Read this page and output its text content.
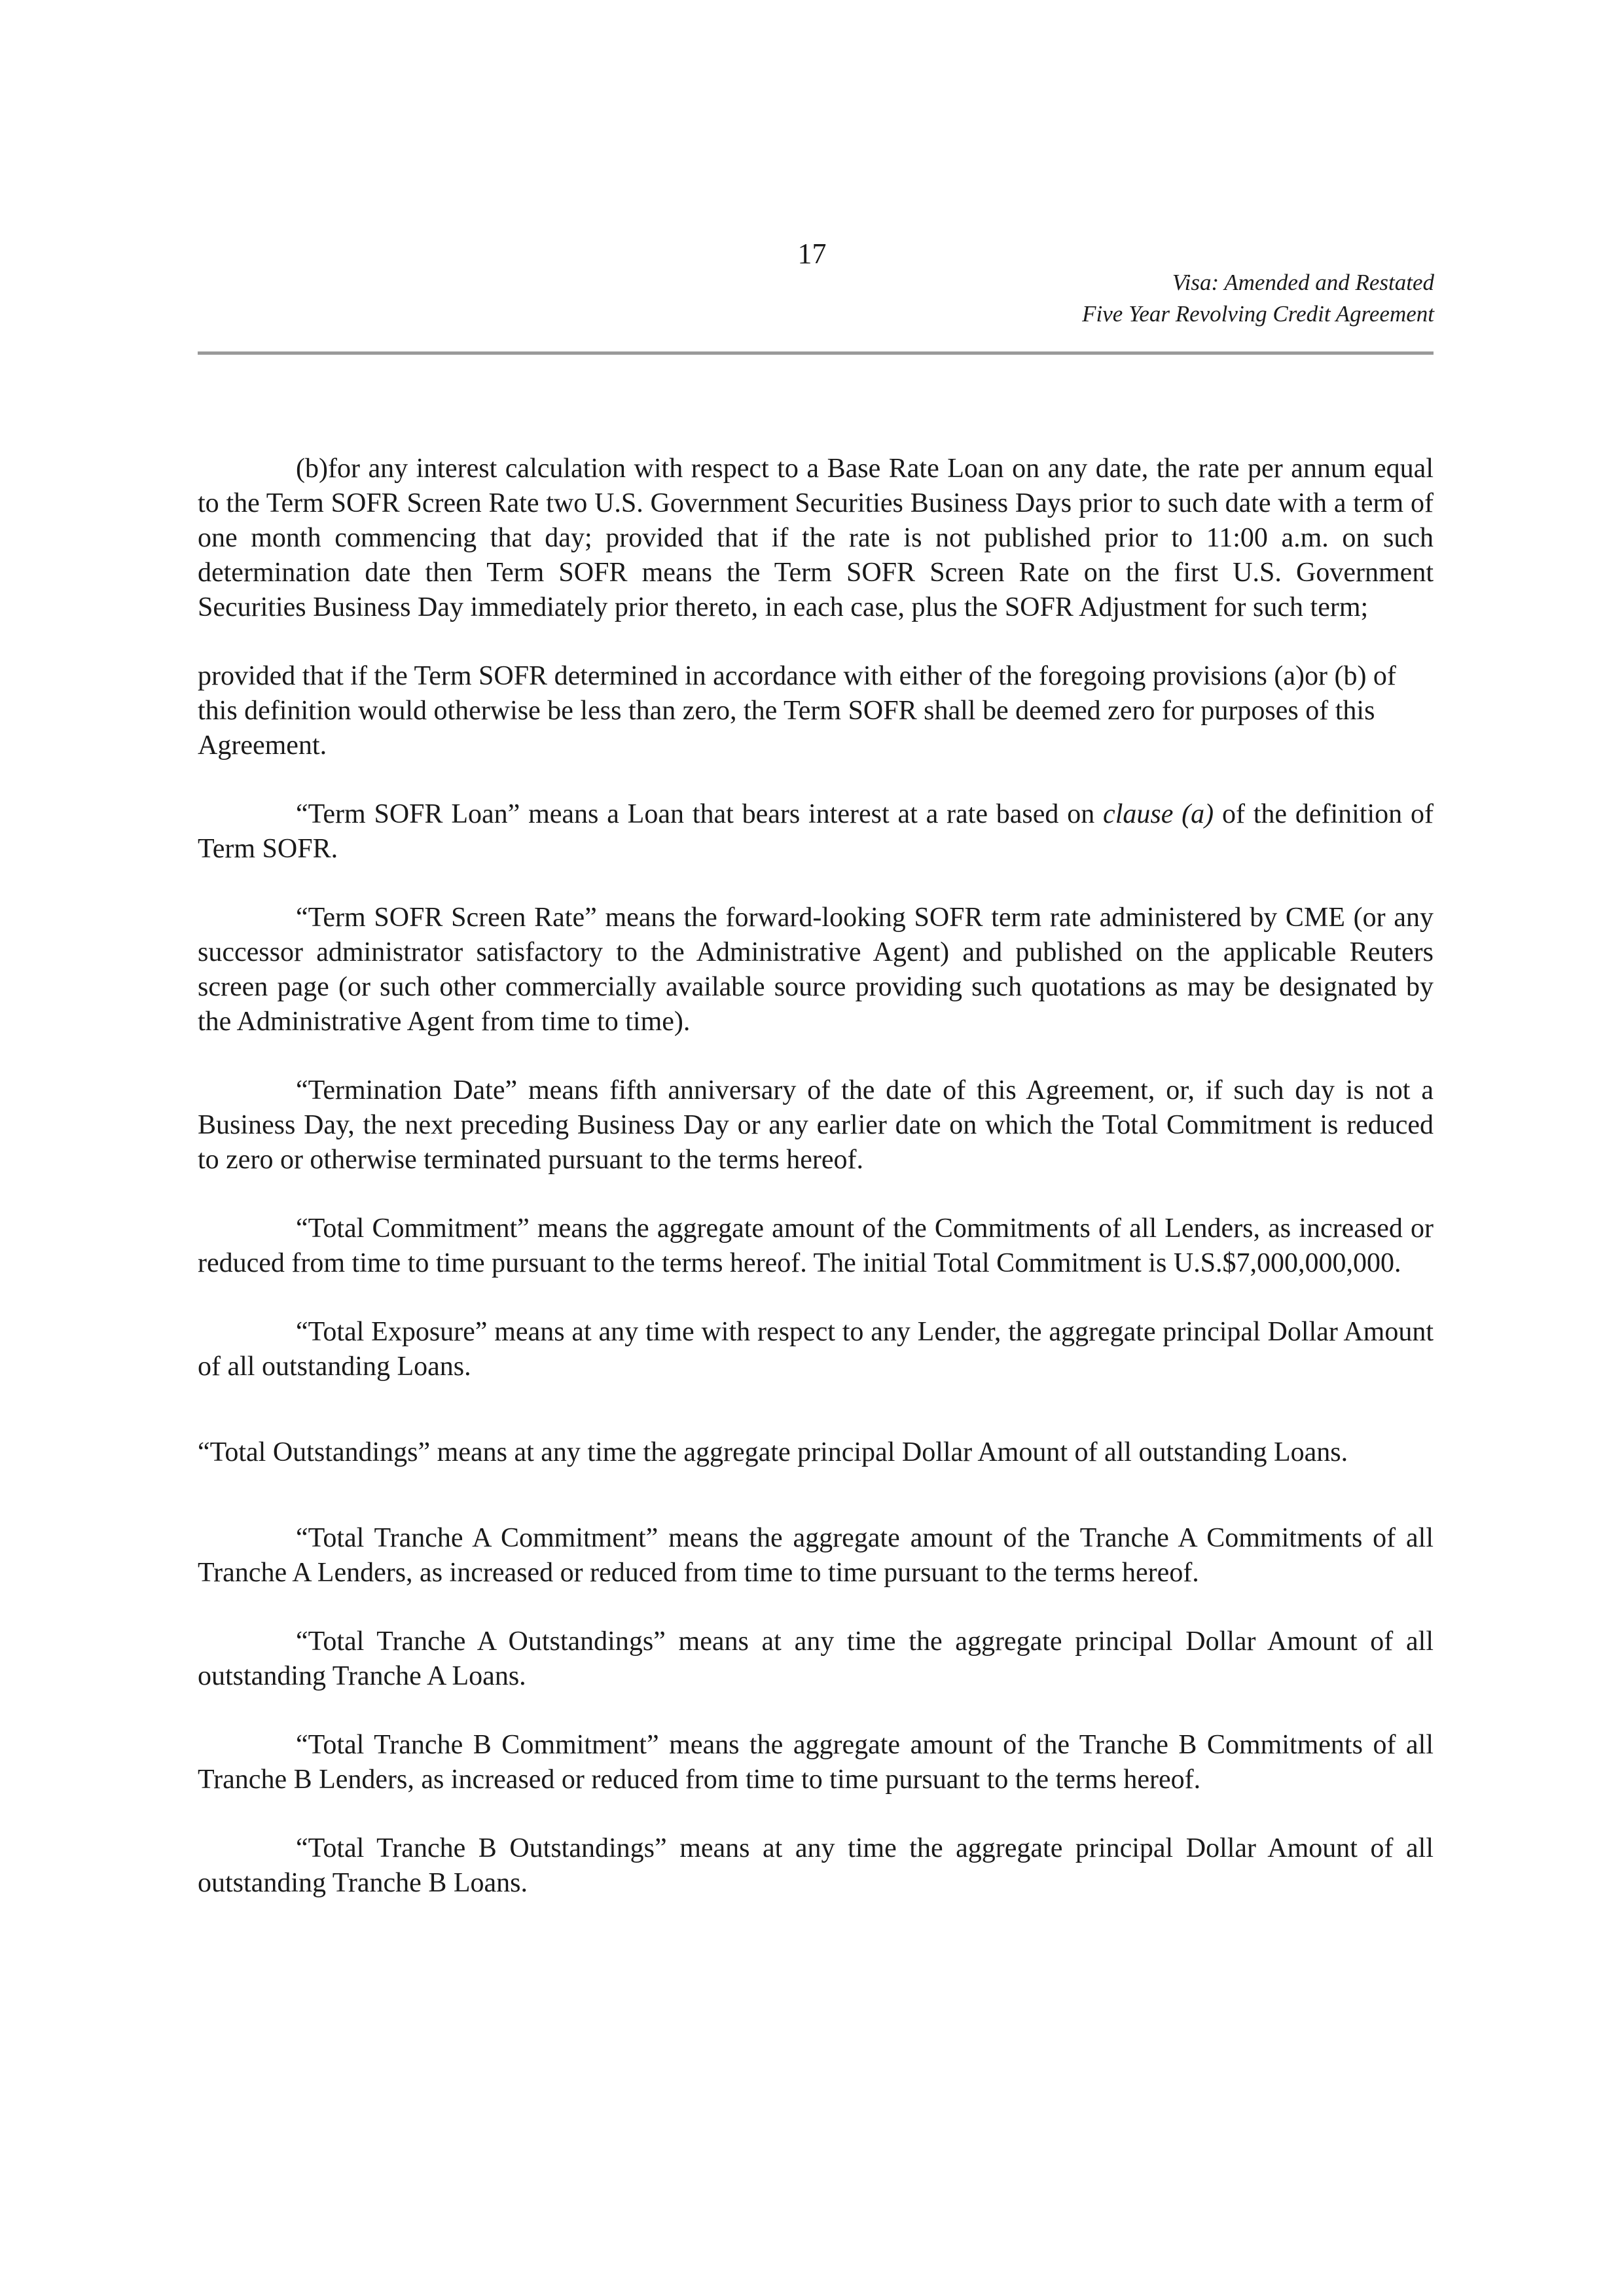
17
Visa: Amended and Restated
Five Year Revolving Credit Agreement

(b)for any interest calculation with respect to a Base Rate Loan on any date, the rate per annum equal to the Term SOFR Screen Rate two U.S. Government Securities Business Days prior to such date with a term of one month commencing that day; provided that if the rate is not published prior to 11:00 a.m. on such determination date then Term SOFR means the Term SOFR Screen Rate on the first U.S. Government Securities Business Day immediately prior thereto, in each case, plus the SOFR Adjustment for such term;

provided that if the Term SOFR determined in accordance with either of the foregoing provisions (a)or (b) of this definition would otherwise be less than zero, the Term SOFR shall be deemed zero for purposes of this Agreement.

“Term SOFR Loan” means a Loan that bears interest at a rate based on clause (a) of the definition of Term SOFR.

“Term SOFR Screen Rate” means the forward-looking SOFR term rate administered by CME (or any successor administrator satisfactory to the Administrative Agent) and published on the applicable Reuters screen page (or such other commercially available source providing such quotations as may be designated by the Administrative Agent from time to time).

“Termination Date” means fifth anniversary of the date of this Agreement, or, if such day is not a Business Day, the next preceding Business Day or any earlier date on which the Total Commitment is reduced to zero or otherwise terminated pursuant to the terms hereof.

“Total Commitment” means the aggregate amount of the Commitments of all Lenders, as increased or reduced from time to time pursuant to the terms hereof. The initial Total Commitment is U.S.$7,000,000,000.

“Total Exposure” means at any time with respect to any Lender, the aggregate principal Dollar Amount of all outstanding Loans.

“Total Outstandings” means at any time the aggregate principal Dollar Amount of all outstanding Loans.

“Total Tranche A Commitment” means the aggregate amount of the Tranche A Commitments of all Tranche A Lenders, as increased or reduced from time to time pursuant to the terms hereof.

“Total Tranche A Outstandings” means at any time the aggregate principal Dollar Amount of all outstanding Tranche A Loans.

“Total Tranche B Commitment” means the aggregate amount of the Tranche B Commitments of all Tranche B Lenders, as increased or reduced from time to time pursuant to the terms hereof.

“Total Tranche B Outstandings” means at any time the aggregate principal Dollar Amount of all outstanding Tranche B Loans.
